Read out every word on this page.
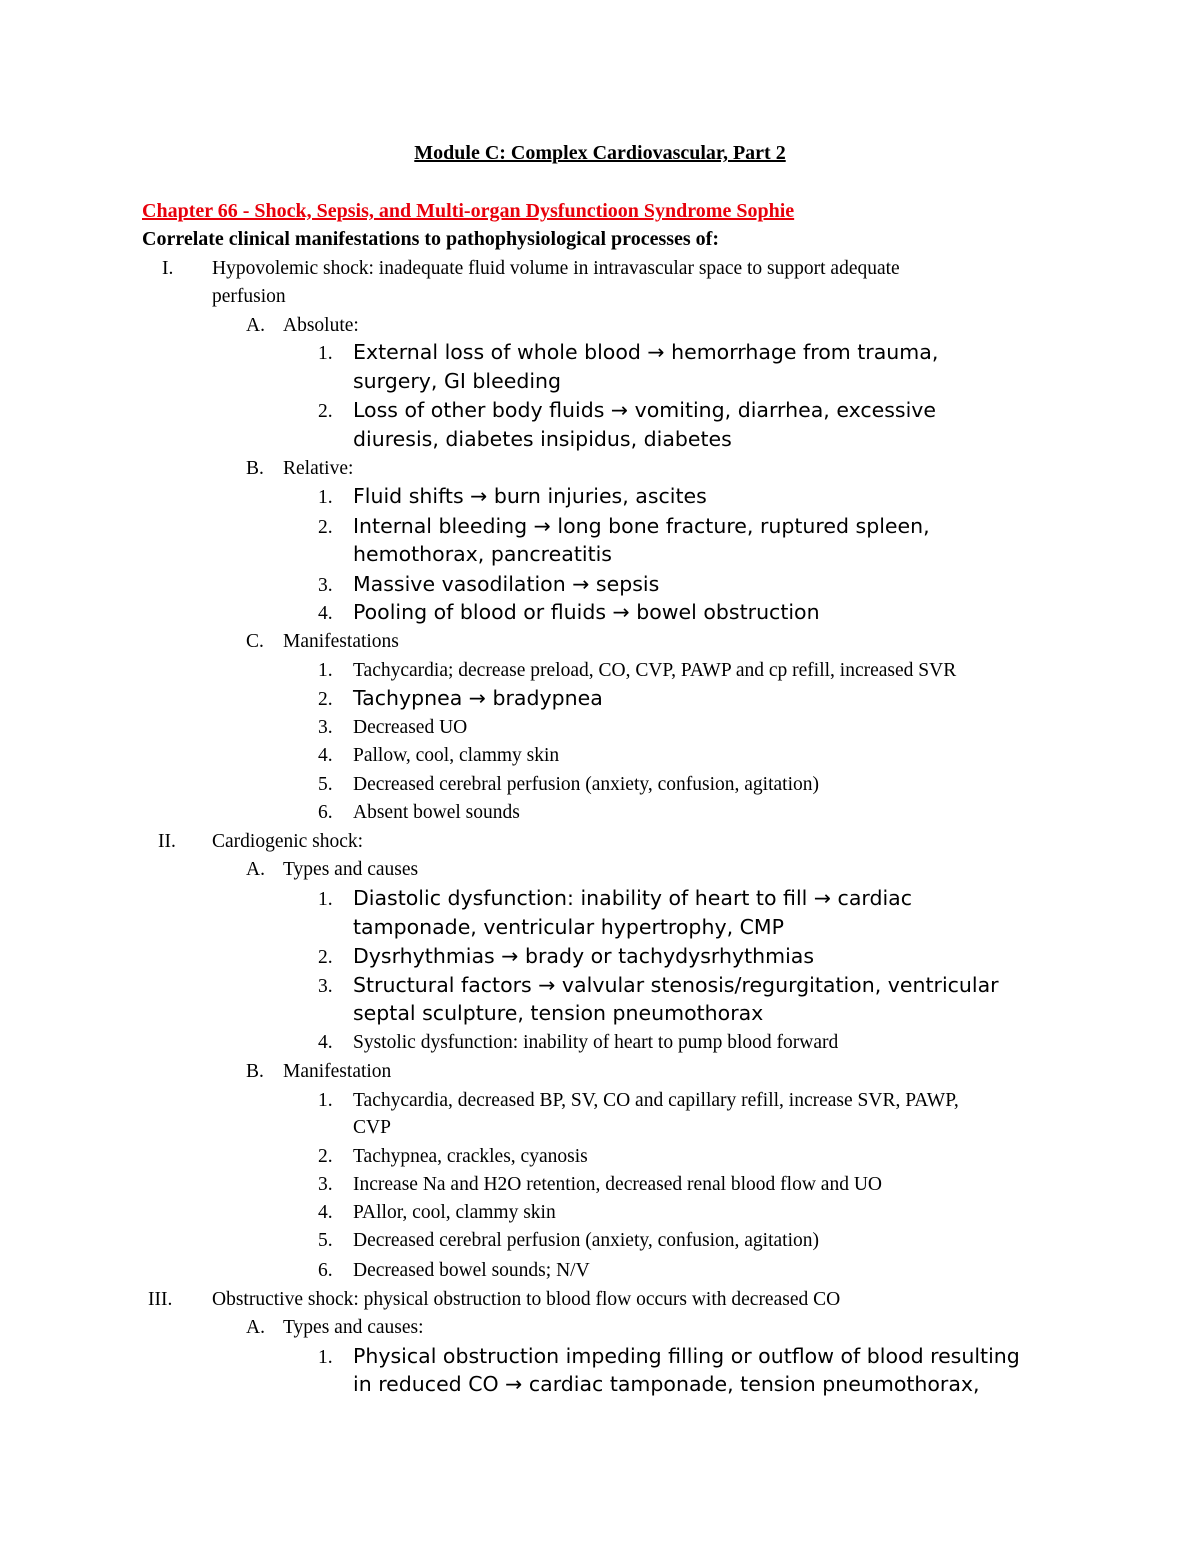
Module C: Complex Cardiovascular, Part 2
Chapter 66 - Shock, Sepsis, and Multi-organ Dysfunctioon Syndrome Sophie
Correlate clinical manifestations to pathophysiological processes of:
I. Hypovolemic shock: inadequate fluid volume in intravascular space to support adequate
perfusion
A. Absolute:
1. External loss of whole blood → hemorrhage from trauma,
surgery, GI bleeding
2. Loss of other body fluids → vomiting, diarrhea, excessive
diuresis, diabetes insipidus, diabetes
B. Relative:
1. Fluid shifts → burn injuries, ascites
2. Internal bleeding → long bone fracture, ruptured spleen,
hemothorax, pancreatitis
3. Massive vasodilation → sepsis
4. Pooling of blood or fluids → bowel obstruction
C. Manifestations
1. Tachycardia; decrease preload, CO, CVP, PAWP and cp refill, increased SVR
2. Tachypnea → bradypnea
3. Decreased UO
4. Pallow, cool, clammy skin
5. Decreased cerebral perfusion (anxiety, confusion, agitation)
6. Absent bowel sounds
II. Cardiogenic shock:
A. Types and causes
1. Diastolic dysfunction: inability of heart to fill → cardiac
tamponade, ventricular hypertrophy, CMP
2. Dysrhythmias → brady or tachydysrhythmias
3. Structural factors → valvular stenosis/regurgitation, ventricular
septal sculpture, tension pneumothorax
4. Systolic dysfunction: inability of heart to pump blood forward
B. Manifestation
1. Tachycardia, decreased BP, SV, CO and capillary refill, increase SVR, PAWP,
CVP
2. Tachypnea, crackles, cyanosis
3. Increase Na and H2O retention, decreased renal blood flow and UO
4. PAllor, cool, clammy skin
5. Decreased cerebral perfusion (anxiety, confusion, agitation)
6. Decreased bowel sounds; N/V
III. Obstructive shock: physical obstruction to blood flow occurs with decreased CO
A. Types and causes:
1. Physical obstruction impeding filling or outflow of blood resulting
in reduced CO → cardiac tamponade, tension pneumothorax,
